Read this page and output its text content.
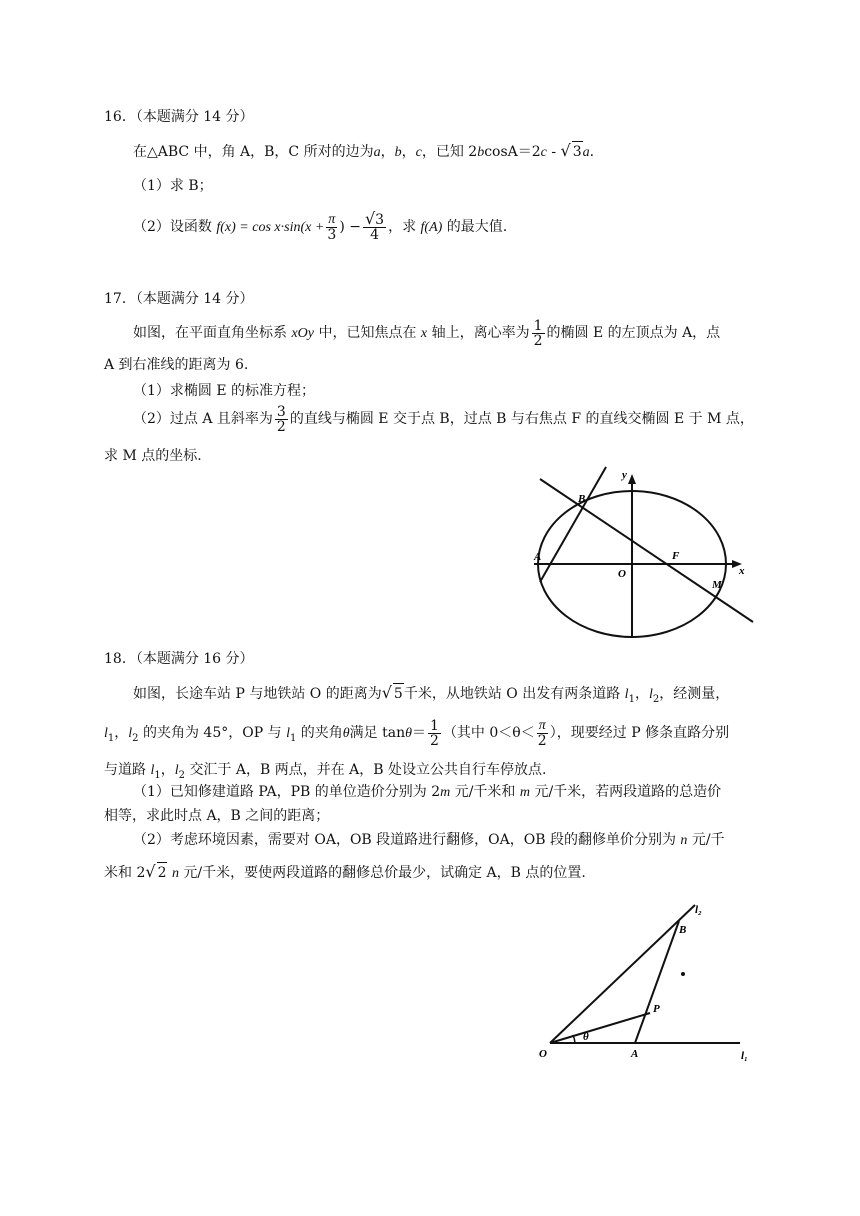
16．（本题满分 14 分）
在△ABC 中，角 A，B，C 所对的边为a，b，c，已知 2bcosA＝2c - √ 3a.
（1）求 B；
（2）设函数 $f(x) = \cos x\cdot\sin(x + \frac{\pi}{3}$ ) − $\frac{√3}{4}$ ，求 f(A) 的最大值.
17．（本题满分 14 分）
如图，在平面直角坐标系 xOy 中，已知焦点在 x 轴上，离心率为 $\frac{1}{2}$ 的椭圆 E 的左顶点为 A，点
A 到右准线的距离为 6.
（1）求椭圆 E 的标准方程；
（2）过点 A 且斜率为 $\frac{3}{2}$ 的直线与椭圆 E 交于点 B，过点 B 与右焦点 F 的直线交椭圆 E 于 M 点，
求 M 点的坐标.
B
A	F
O
M
x
y
18．（本题满分 16 分）
如图，长途车站 P 与地铁站 O 的距离为√ 5千米，从地铁站 O 出发有两条道路 $l_1$，$l_2$，经测量，
$l_1$，$l_2$ 的夹角为 45°，OP 与 $l_1$ 的夹角θ满足 $\tan\theta= \frac{1}{2}$ （其中 $0<\theta< \frac{\pi}{2}$ ），现要经过 P 修条直路分别
与道路 $l_1$，$l_2$ 交汇于 A，B 两点，并在 A，B 处设立公共自行车停放点.
（1）已知修建道路 PA，PB 的单位造价分别为 2m 元/千米和 m 元/千米，若两段道路的总造价
相等，求此时点 A，B 之间的距离；
（2）考虑环境因素，需要对 OA，OB 段道路进行翻修，OA，OB 段的翻修单价分别为 n 元/千
米和 2√ 2 n 元/千米，要使两段道路的翻修总价最少，试确定 A，B 点的位置.
l₂
B
P
O
θ
A	l₁
